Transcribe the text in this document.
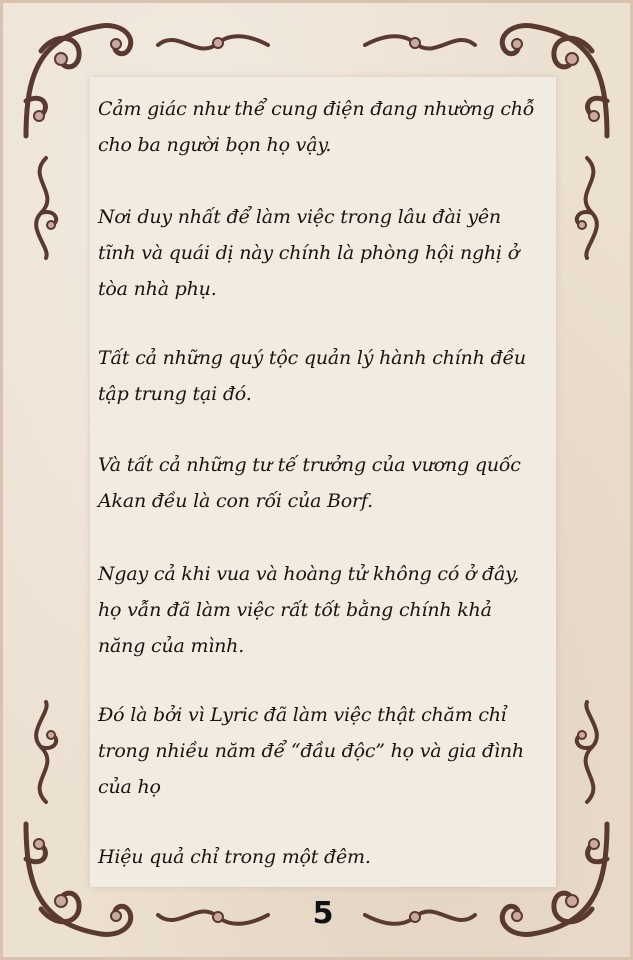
Cảm giác như thể cung điện đang nhường chỗ cho ba người bọn họ vậy.

Nơi duy nhất để làm việc trong lâu đài yên tĩnh và quái dị này chính là phòng hội nghị ở tòa nhà phụ.

Tất cả những quý tộc quản lý hành chính đều tập trung tại đó.

Và tất cả những tư tế trưởng của vương quốc Akan đều là con rối của Borf.

Ngay cả khi vua và hoàng tử không có ở đây, họ vẫn đã làm việc rất tốt bằng chính khả năng của mình.

Đó là bởi vì Lyric đã làm việc thật chăm chỉ trong nhiều năm để “đầu độc” họ và gia đình của họ

Hiệu quả chỉ trong một đêm.

5
